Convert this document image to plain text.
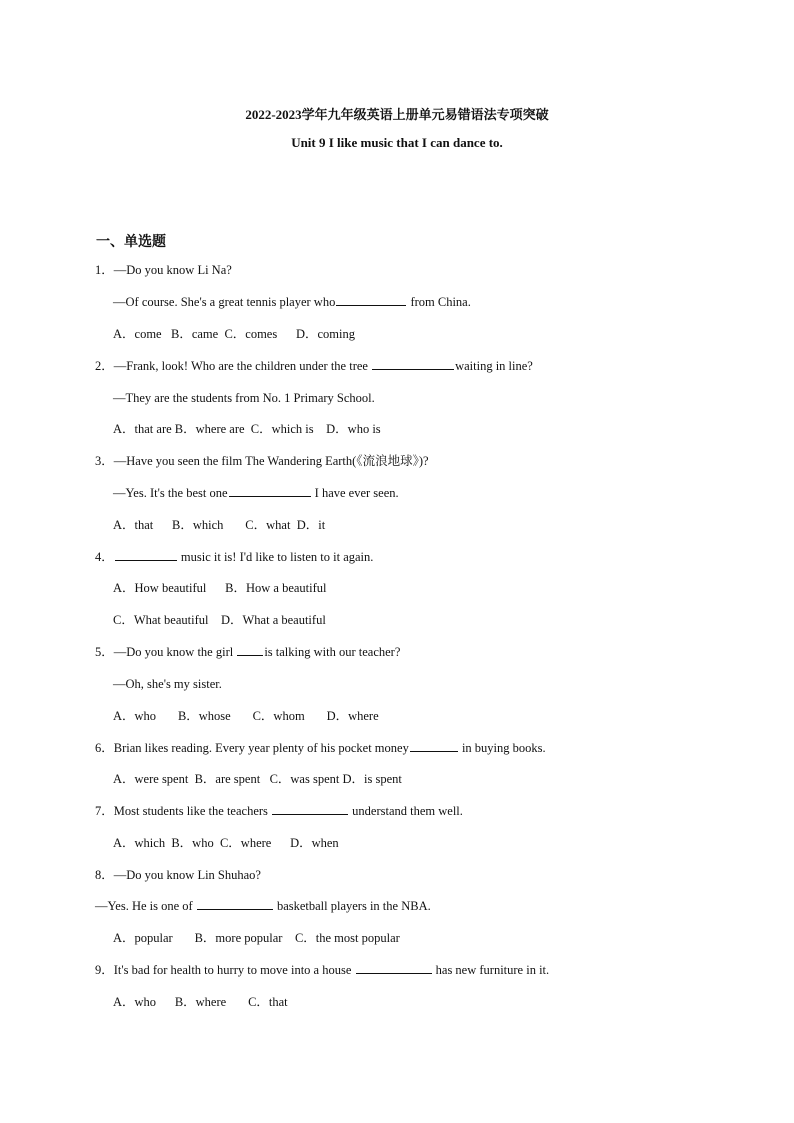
2022-2023学年九年级英语上册单元易错语法专项突破
Unit 9 I like music that I can dance to.
一、单选题
1．—Do you know Li Na?
—Of course. She's a great tennis player who	from China.
A．come B．came C．comes D．coming
2．—Frank, look! Who are the children under the tree	waiting in line?
—They are the students from No. 1 Primary School.
A．that are B．where are C．which is D．who is
3．—Have you seen the film The Wandering Earth(《流浪地球》)?
—Yes. It's the best one	I have ever seen.
A．that B．which C．what D．it
4．	music it is! I'd like to listen to it again.
A．How beautiful B．How a beautiful
C．What beautiful D．What a beautiful
5．—Do you know the girl is talking with our teacher?
—Oh, she's my sister.
A．who B．whose C．whom D．where
6．Brian likes reading. Every year plenty of his pocket money	in buying books.
A．were spent B．are spent C．was spent D．is spent
7．Most students like the teachers	understand them well.
A．which B．who C．where D．when
8．—Do you know Lin Shuhao?
—Yes. He is one of	basketball players in the NBA.
A．popular B．more popular C．the most popular
9．It's bad for health to hurry to move into a house	has new furniture in it.
A．who B．where C．that
